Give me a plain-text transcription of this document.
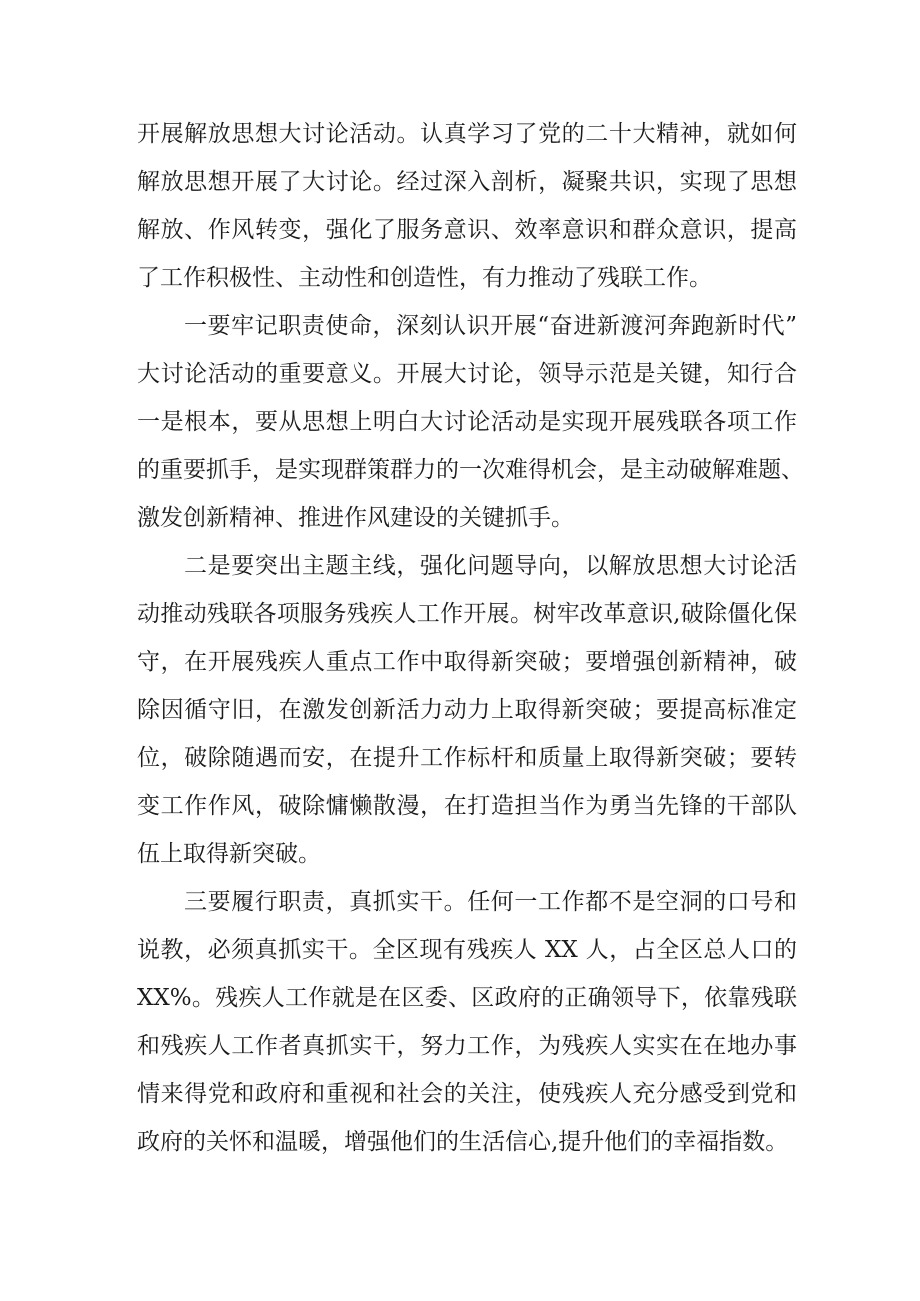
开展解放思想大讨论活动。认真学习了党的二十大精神，就如何

解放思想开展了大讨论。经过深入剖析，凝聚共识，实现了思想

解放、作风转变，强化了服务意识、效率意识和群众意识，提高

了工作积极性、主动性和创造性，有力推动了残联工作。

一要牢记职责使命，深刻认识开展“奋进新渡河奔跑新时代”

大讨论活动的重要意义。开展大讨论，领导示范是关键，知行合

一是根本，要从思想上明白大讨论活动是实现开展残联各项工作

的重要抓手，是实现群策群力的一次难得机会，是主动破解难题、

激发创新精神、推进作风建设的关键抓手。

二是要突出主题主线，强化问题导向，以解放思想大讨论活

动推动残联各项服务残疾人工作开展。树牢改革意识,破除僵化保

守，在开展残疾人重点工作中取得新突破；要增强创新精神，破

除因循守旧，在激发创新活力动力上取得新突破；要提高标准定

位，破除随遇而安，在提升工作标杆和质量上取得新突破；要转

变工作作风，破除慵懒散漫，在打造担当作为勇当先锋的干部队

伍上取得新突破。

三要履行职责，真抓实干。任何一工作都不是空洞的口号和

说教，必须真抓实干。全区现有残疾人 XX 人，占全区总人口的

XX%。残疾人工作就是在区委、区政府的正确领导下，依靠残联

和残疾人工作者真抓实干，努力工作，为残疾人实实在在地办事

情来得党和政府和重视和社会的关注，使残疾人充分感受到党和

政府的关怀和温暖，增强他们的生活信心,提升他们的幸福指数。
